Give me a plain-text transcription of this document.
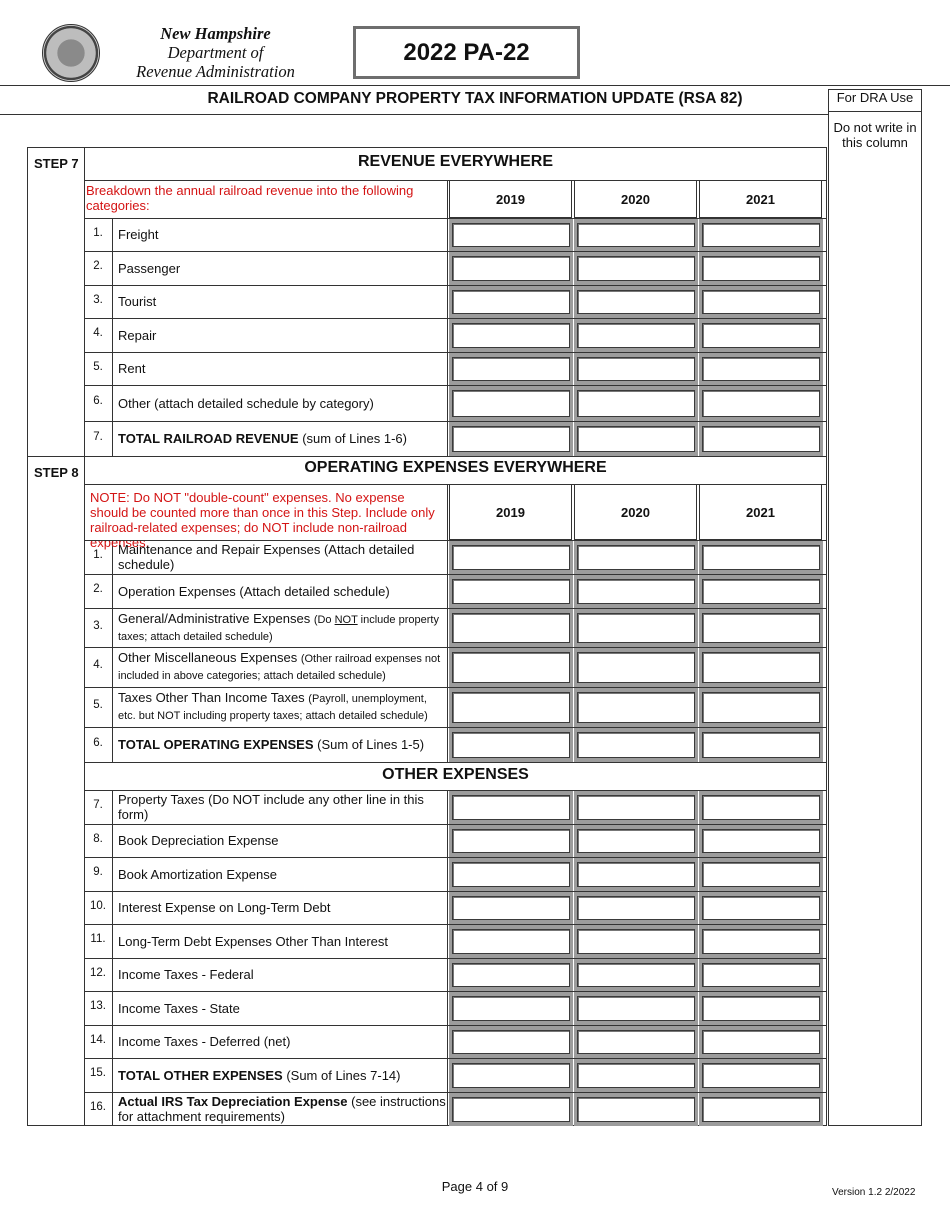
New Hampshire
Department of
Revenue Administration
2022 PA-22
RAILROAD COMPANY PROPERTY TAX INFORMATION UPDATE (RSA 82)	For DRA Use
Do not write in this column
STEP 7	REVENUE EVERYWHERE
Breakdown the annual railroad revenue into the following categories:	2019	2020	2021
1.	Freight
2.	Passenger
3.	Tourist
4.	Repair
5.	Rent
6.	Other (attach detailed schedule by category)
7.	TOTAL RAILROAD REVENUE (sum of Lines 1-6)
STEP 8	OPERATING EXPENSES EVERYWHERE
NOTE: Do NOT "double-count" expenses. No expense should be counted more than once in this Step. Include only railroad-related expenses; do NOT include non-railroad expenses.
2019	2020	2021
1.	Maintenance and Repair Expenses (Attach detailed schedule)
2.	Operation Expenses (Attach detailed schedule)
3.	General/Administrative Expenses (Do NOT include property taxes; attach detailed schedule)
4.	Other Miscellaneous Expenses (Other railroad expenses not included in above categories; attach detailed schedule)
5.	Taxes Other Than Income Taxes (Payroll, unemployment, etc. but NOT including property taxes; attach detailed schedule)
6.	TOTAL OPERATING EXPENSES (Sum of Lines 1-5)
OTHER EXPENSES
7.	Property Taxes (Do NOT include any other line in this form)
8.	Book Depreciation Expense
9.	Book Amortization Expense
10. Interest Expense on Long-Term Debt
11. Long-Term Debt Expenses Other Than Interest
12. Income Taxes - Federal
13. Income Taxes - State
14. Income Taxes - Deferred (net)
15. TOTAL OTHER EXPENSES (Sum of Lines 7-14)
16. Actual IRS Tax Depreciation Expense (see instructions for attachment requirements)
Page 4 of 9	Version 1.2 2/2022
